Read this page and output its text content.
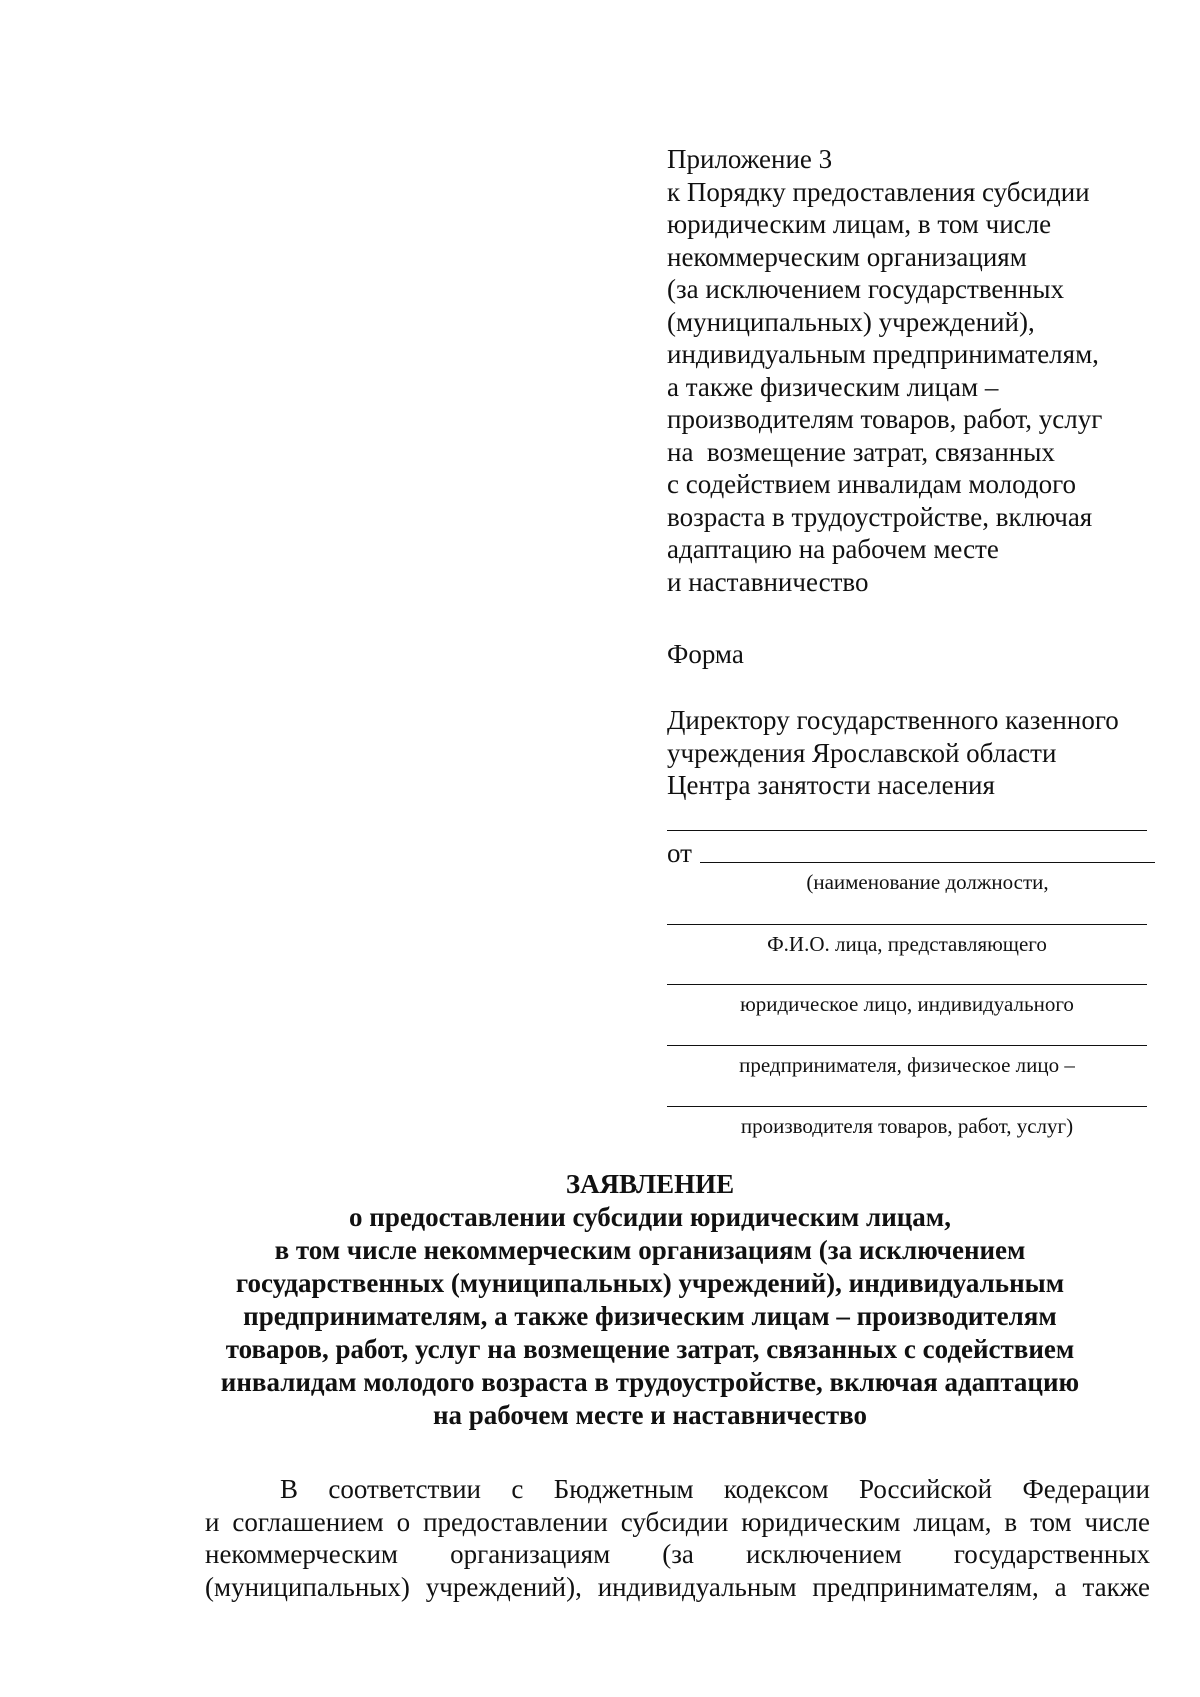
Приложение 3
к Порядку предоставления субсидии
юридическим лицам, в том числе
некоммерческим организациям
(за исключением государственных
(муниципальных) учреждений),
индивидуальным предпринимателям,
а также физическим лицам –
производителям товаров, работ, услуг
на  возмещение затрат, связанных
с содействием инвалидам молодого
возраста в трудоустройстве, включая
адаптацию на рабочем месте
и наставничество
Форма
Директору государственного казенного
учреждения Ярославской области
Центра занятости населения
от
(наименование должности,
Ф.И.О. лица, представляющего
юридическое лицо, индивидуального
предпринимателя, физическое лицо –
производителя товаров, работ, услуг)
ЗАЯВЛЕНИЕ
о предоставлении субсидии юридическим лицам,
в том числе некоммерческим организациям (за исключением
государственных (муниципальных) учреждений), индивидуальным
предпринимателям, а также физическим лицам – производителям
товаров, работ, услуг на возмещение затрат, связанных с содействием
инвалидам молодого возраста в трудоустройстве, включая адаптацию
на рабочем месте и наставничество
В соответствии с Бюджетным кодексом Российской Федерации
и соглашением о предоставлении субсидии юридическим лицам, в том числе
некоммерческим организациям (за исключением государственных
(муниципальных) учреждений), индивидуальным предпринимателям, а также
